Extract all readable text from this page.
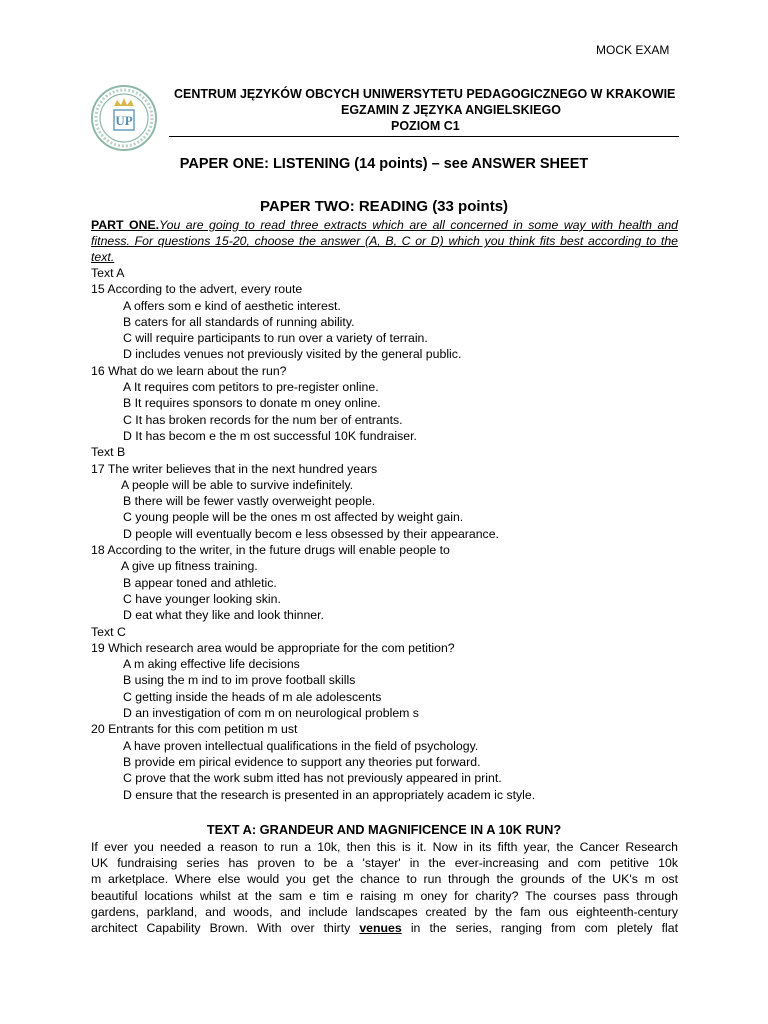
MOCK EXAM
UP
CENTRUM JĘZYKÓW OBCYCH UNIWERSYTETU PEDAGOGICZNEGO W KRAKOWIE
EGZAMIN Z JĘZYKA ANGIELSKIEGO
POZIOM C1
PAPER ONE: LISTENING (14 points) – see ANSWER SHEET
PAPER TWO: READING (33 points)
PART ONE.You are going to read three extracts which are all concerned in some way with health and fitness. For questions 15-20, choose the answer (A, B, C or D) which you think fits best according to the text.
Text A
15 According to the advert, every route
A offers som e kind of aesthetic interest.
B caters for all standards of running ability.
C will require participants to run over a variety of terrain.
D includes venues not previously visited by the general public.
16 What do we learn about the run?
A It requires com petitors to pre-register online.
B It requires sponsors to donate m oney online.
C It has broken records for the num ber of entrants.
D It has becom e the m ost successful 10K fundraiser.
Text B
17 The writer believes that in the next hundred years
A people will be able to survive indefinitely.
B there will be fewer vastly overweight people.
C young people will be the ones m ost affected by weight gain.
D people will eventually becom e less obsessed by their appearance.
18 According to the writer, in the future drugs will enable people to
A give up fitness training.
B appear toned and athletic.
C have younger looking skin.
D eat what they like and look thinner.
Text C
19 Which research area would be appropriate for the com petition?
A m aking effective life decisions
B using the m ind to im prove football skills
C getting inside the heads of m ale adolescents
D an investigation of com m on neurological problem s
20 Entrants for this com petition m ust
A have proven intellectual qualifications in the field of psychology.
B provide em pirical evidence to support any theories put forward.
C prove that the work subm itted has not previously appeared in print.
D ensure that the research is presented in an appropriately academ ic style.
TEXT A: GRANDEUR AND MAGNIFICENCE IN A 10K RUN?
If ever you needed a reason to run a 10k, then this is it. Now in its fifth year, the Cancer Research
UK fundraising series has proven to be a 'stayer' in the ever-increasing and com petitive 10k
m arketplace. Where else would you get the chance to run through the grounds of the UK's m ost
beautiful locations whilst at the sam e tim e raising m oney for charity? The courses pass through
gardens, parkland, and woods, and include landscapes created by the fam ous eighteenth-century
architect Capability Brown. With over thirty venues in the series, ranging from com pletely flat
